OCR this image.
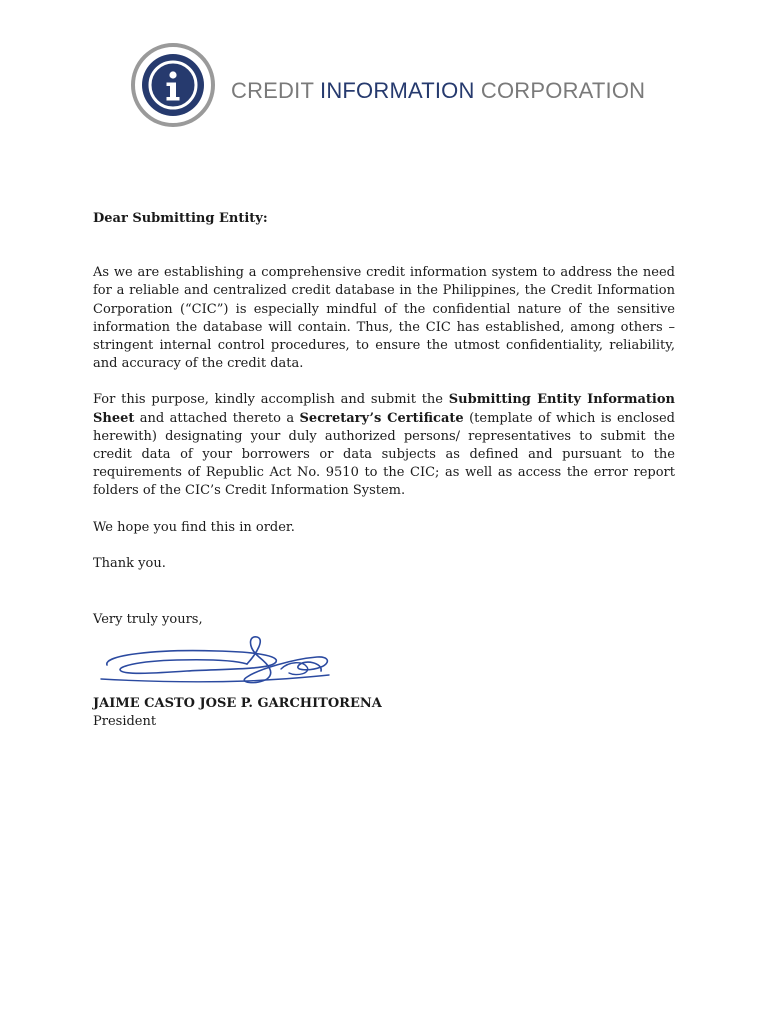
CREDIT INFORMATION CORPORATION

Dear Submitting Entity:

As we are establishing a comprehensive credit information system to address the need for a reliable and centralized credit database in the Philippines, the Credit Information Corporation (“CIC”) is especially mindful of the confidential nature of the sensitive information the database will contain. Thus, the CIC has established, among others – stringent internal control procedures, to ensure the utmost confidentiality, reliability, and accuracy of the credit data.

For this purpose, kindly accomplish and submit the Submitting Entity Information Sheet and attached thereto a Secretary’s Certificate (template of which is enclosed herewith) designating your duly authorized persons/ representatives to submit the credit data of your borrowers or data subjects as defined and pursuant to the requirements of Republic Act No. 9510 to the CIC; as well as access the error report folders of the CIC’s Credit Information System.

We hope you find this in order.

Thank you.

Very truly yours,

JAIME CASTO JOSE P. GARCHITORENA

President
